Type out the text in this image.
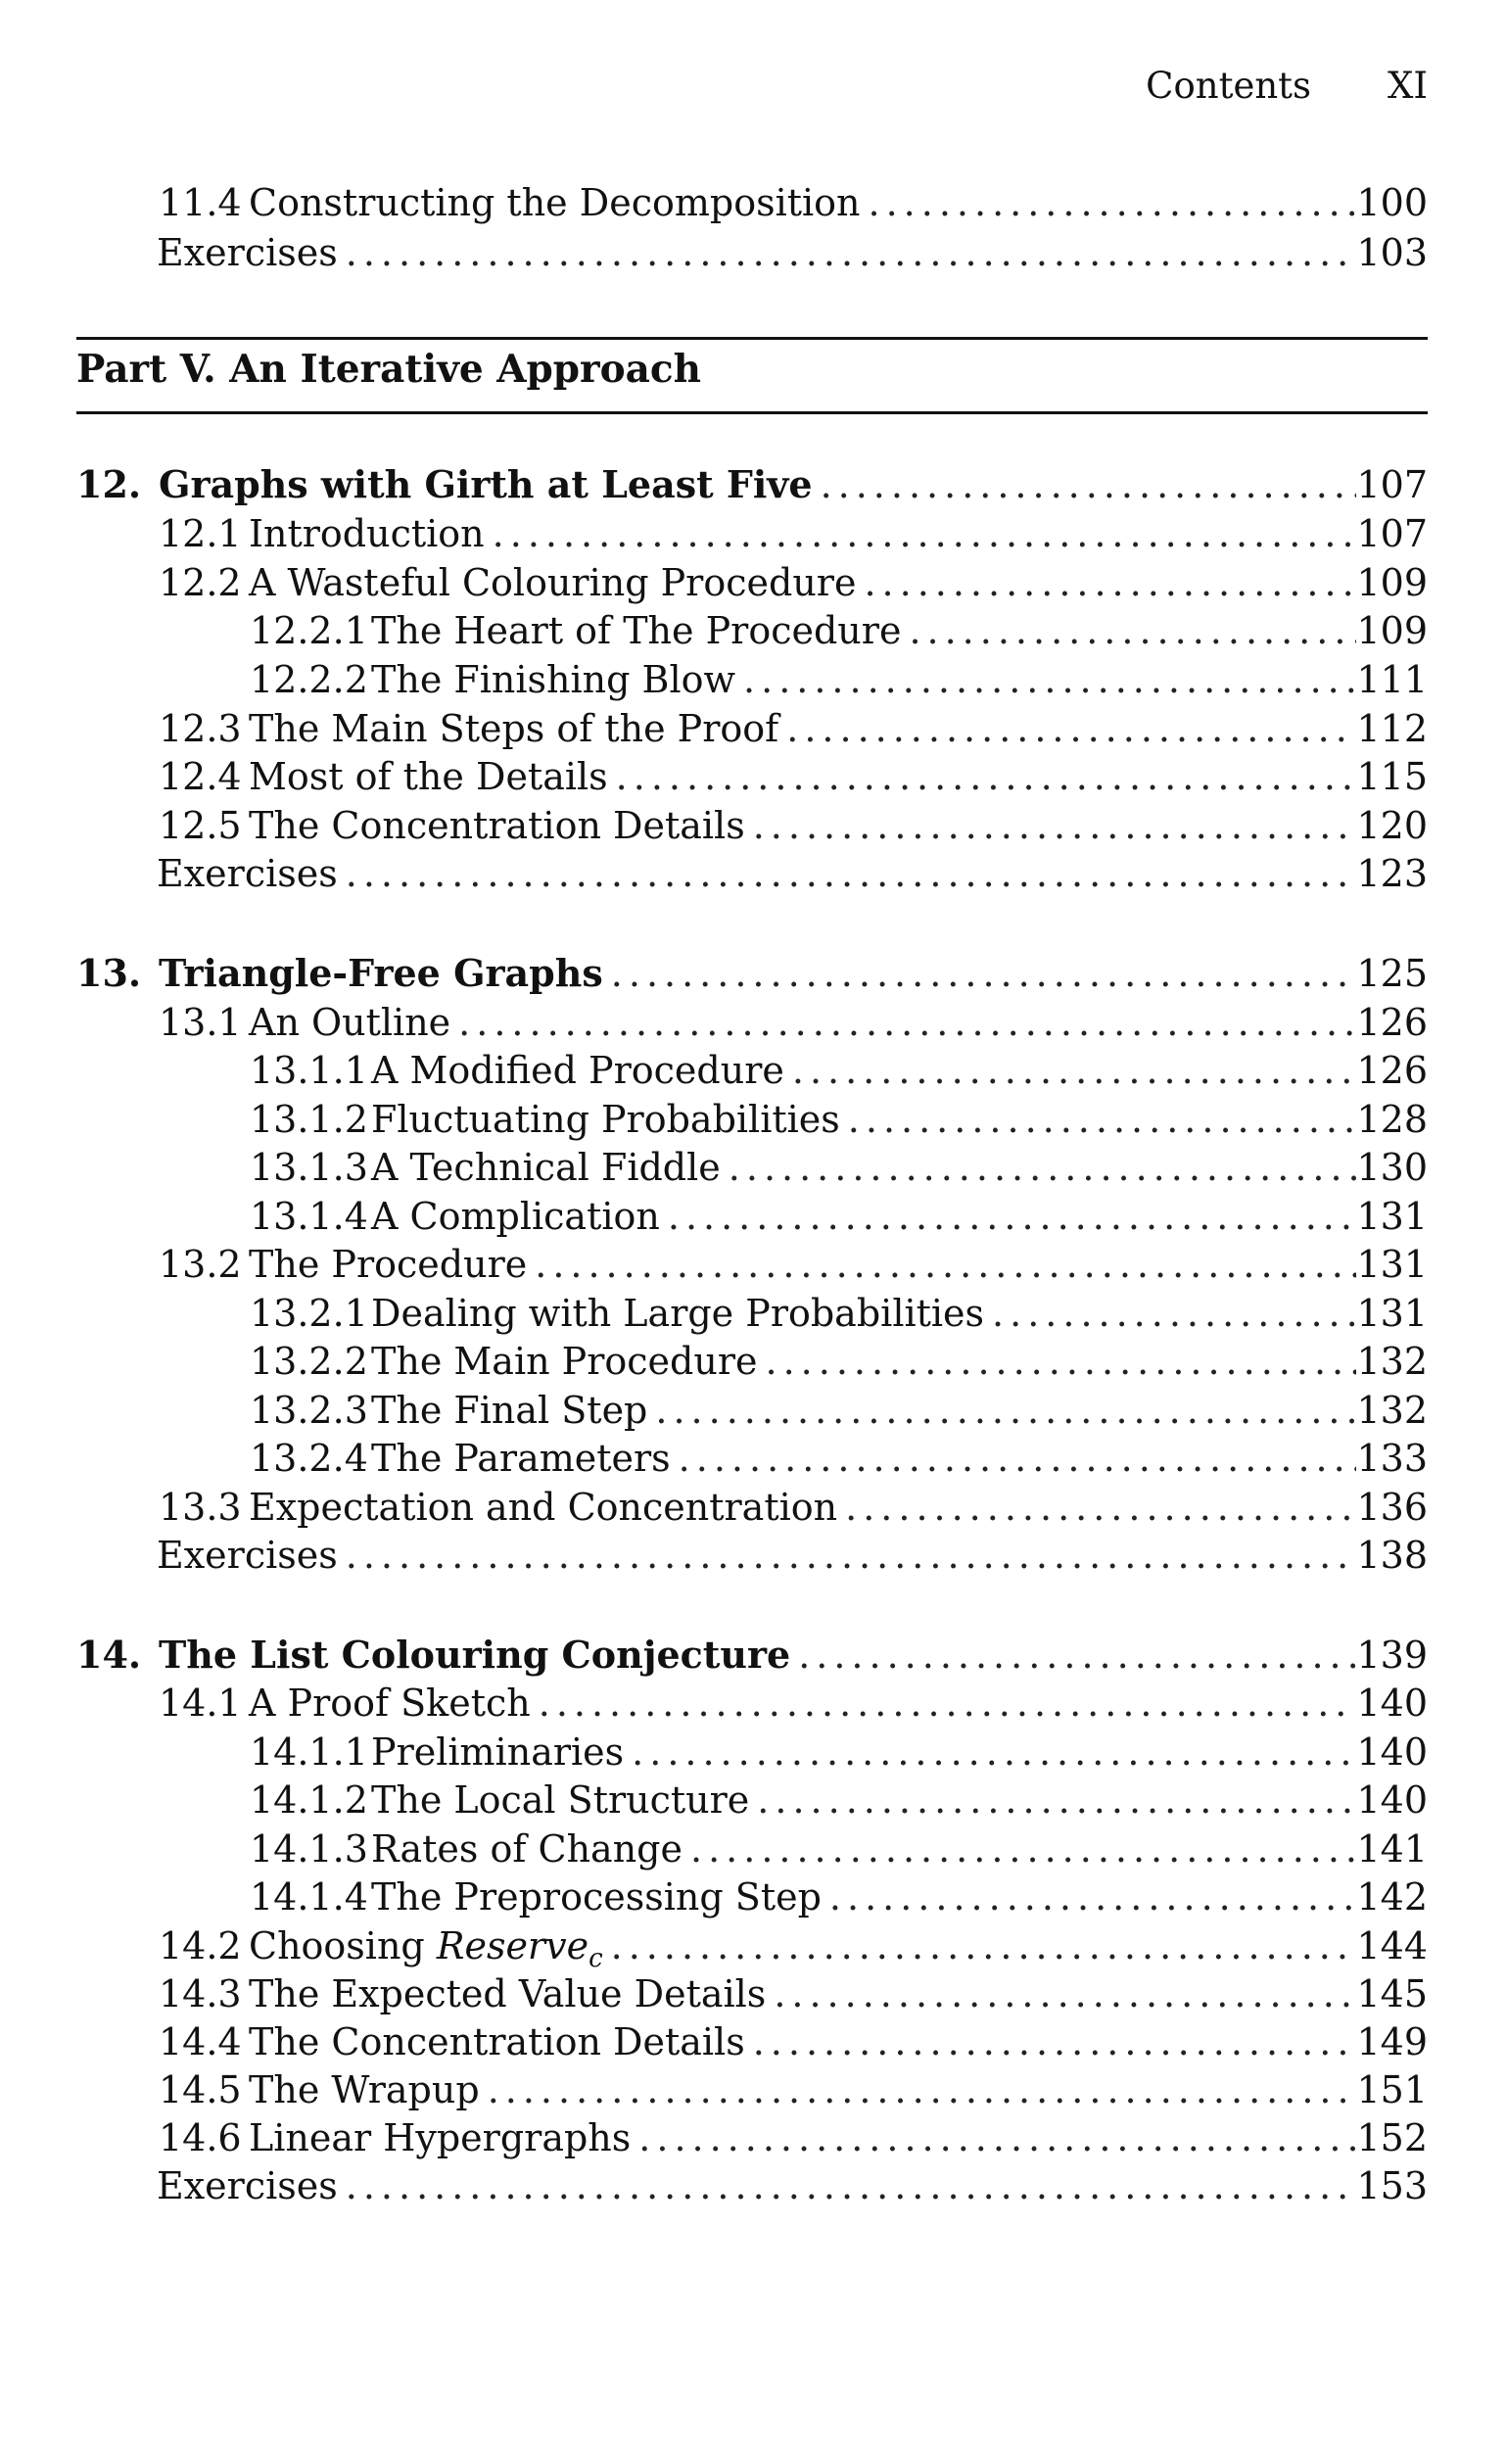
Contents XI
11.4 Constructing the Decomposition .....	100
Exercises .....	103
Part V. An Iterative Approach
12. Graphs with Girth at Least Five .....	107
12.1 Introduction .....	107
12.2 A Wasteful Colouring Procedure .....	109
12.2.1 The Heart of The Procedure .....	109
12.2.2 The Finishing Blow .....	111
12.3 The Main Steps of the Proof .....	112
12.4 Most of the Details .....	115
12.5 The Concentration Details .....	120
Exercises .....	123
13. Triangle-Free Graphs .....	125
13.1 An Outline .....	126
13.1.1 A Modified Procedure .....	126
13.1.2 Fluctuating Probabilities .....	128
13.1.3 A Technical Fiddle .....	130
13.1.4 A Complication .....	131
13.2 The Procedure .....	131
13.2.1 Dealing with Large Probabilities .....	131
13.2.2 The Main Procedure .....	132
13.2.3 The Final Step .....	132
13.2.4 The Parameters .....	133
13.3 Expectation and Concentration .....	136
Exercises .....	138
14. The List Colouring Conjecture .....	139
14.1 A Proof Sketch .....	140
14.1.1 Preliminaries .....	140
14.1.2 The Local Structure .....	140
14.1.3 Rates of Change .....	141
14.1.4 The Preprocessing Step .....	142
14.2 Choosing Reserve$_c$ .....	144
14.3 The Expected Value Details .....	145
14.4 The Concentration Details .....	149
14.5 The Wrapup .....	151
14.6 Linear Hypergraphs .....	152
Exercises .....	153
